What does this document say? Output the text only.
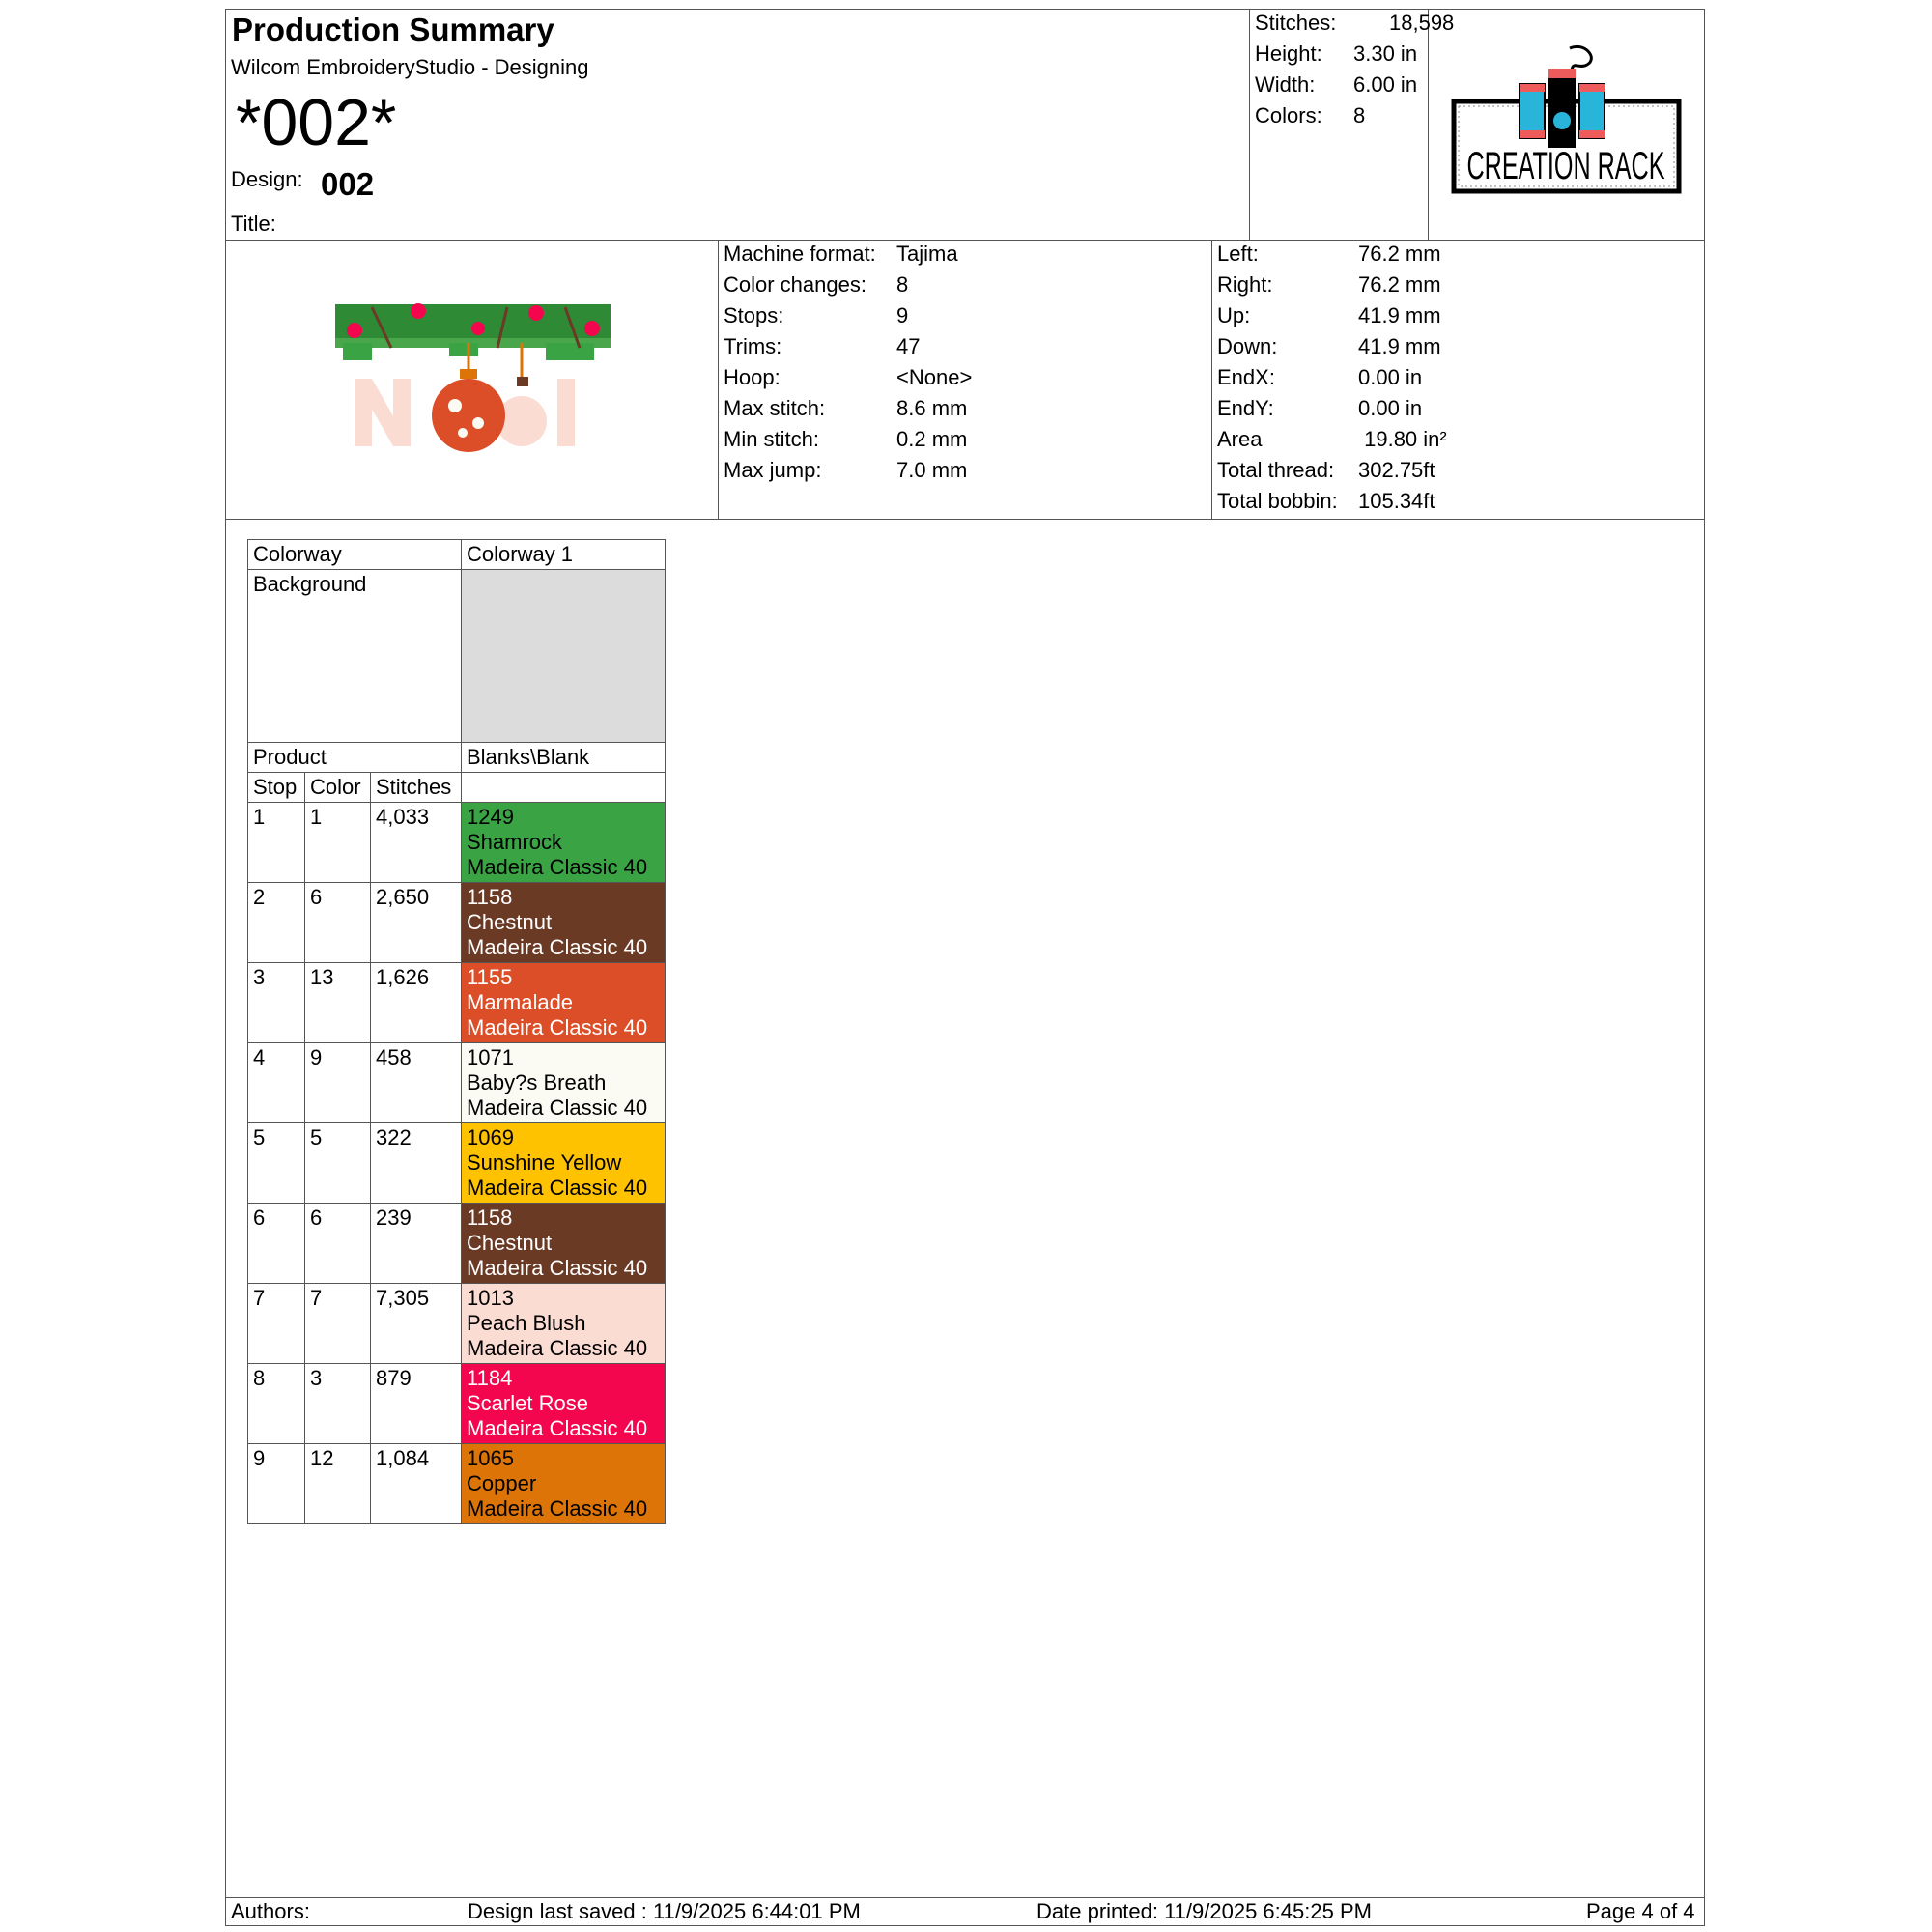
Production Summary
Wilcom EmbroideryStudio - Designing
*002*
Design: 002
Title:
Stitches: 18,598
Height: 3.30 in
Width: 6.00 in
Colors: 8
CREATION RACK
Machine format: Tajima
Color changes: 8
Stops:	9
Trims:	47
Hoop:	<None>
Max stitch:	8.6 mm
Min stitch:	0.2 mm
Max jump:	7.0 mm
Left:	76.2 mm
Right:	76.2 mm
Up:	41.9 mm
Down:	41.9 mm
EndX:	0.00 in
EndY:	0.00 in
Area	19.80 in²
Total thread: 302.75ft
Total bobbin: 105.34ft
Colorway			Colorway 1
Background			
Product			Blanks\Blank
Stop	Color	Stitches	
1	1	4,033	1249
Shamrock
Madeira Classic 40

2	6	2,650	1158
Chestnut
Madeira Classic 40

3	13	1,626	1155
Marmalade
Madeira Classic 40

4	9	458	1071
Baby?s Breath
Madeira Classic 40

5	5	322	1069
Sunshine Yellow
Madeira Classic 40

6	6	239	1158
Chestnut
Madeira Classic 40

7	7	7,305	1013
Peach Blush
Madeira Classic 40

8	3	879	1184
Scarlet Rose
Madeira Classic 40

9	12	1,084	1065
Copper
Madeira Classic 40
Authors:	Design last saved : 11/9/2025 6:44:01 PM	Date printed: 11/9/2025 6:45:25 PM	Page 4 of 4
